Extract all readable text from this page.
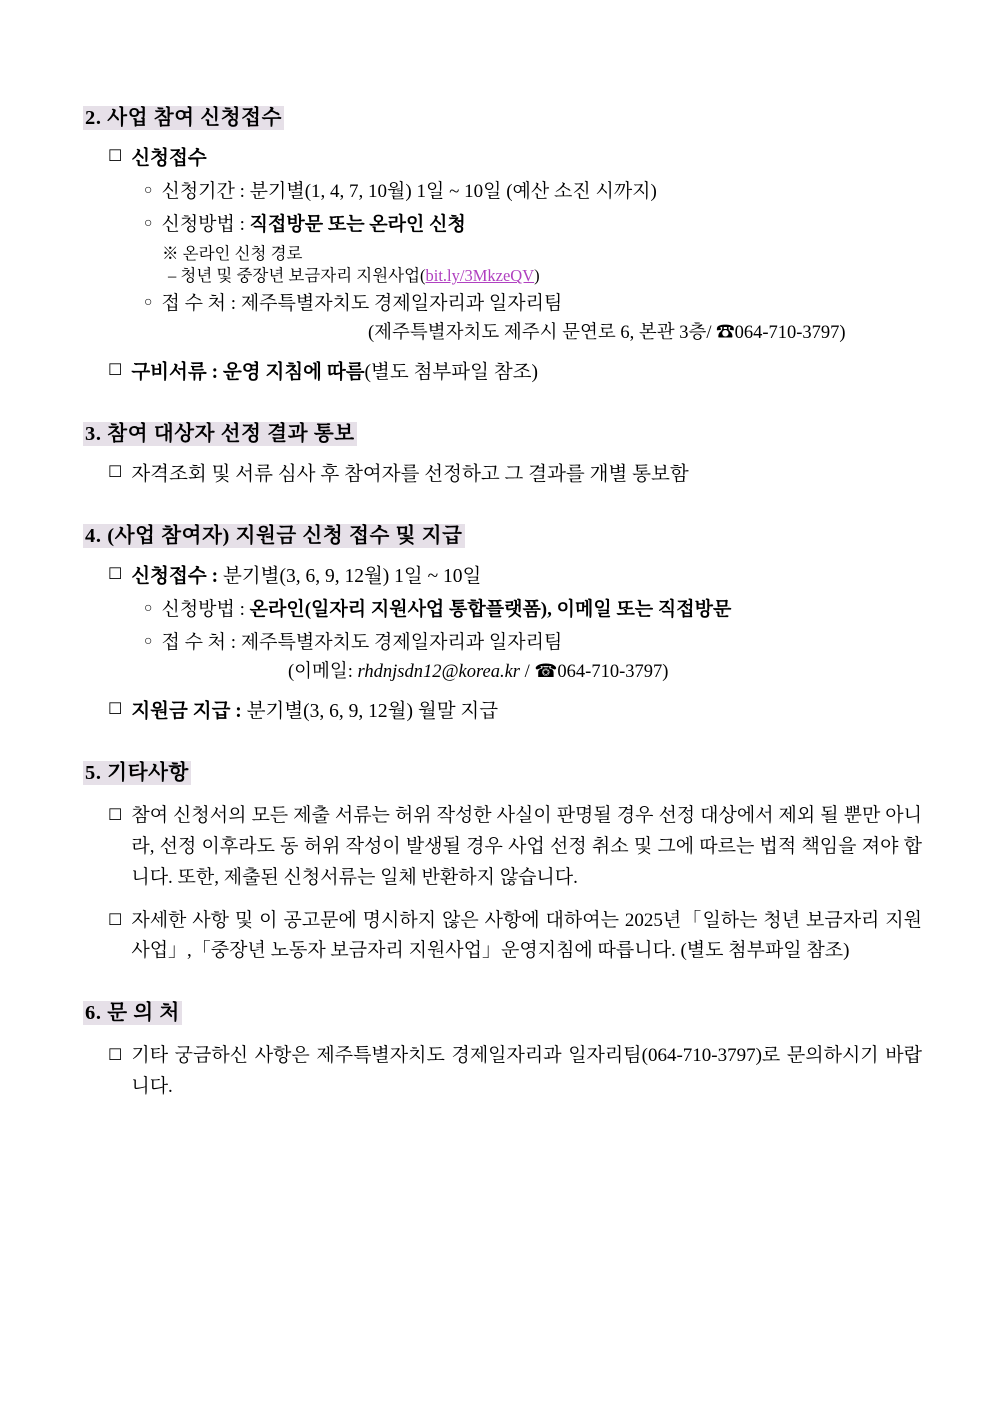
2. 사업 참여 신청접수
☐ 신청접수
○ 신청기간 : 분기별(1, 4, 7, 10월) 1일 ~ 10일 (예산 소진 시까지)
○ 신청방법 : 직접방문 또는 온라인 신청
※ 온라인 신청 경로
– 청년 및 중장년 보금자리 지원사업(bit.ly/3MkzeQV)
○ 접 수 처 : 제주특별자치도 경제일자리과 일자리팀
(제주특별자치도 제주시 문연로 6, 본관 3층/ ☎064-710-3797)
☐ 구비서류 : 운영 지침에 따름(별도 첨부파일 참조)
3. 참여 대상자 선정 결과 통보
☐ 자격조회 및 서류 심사 후 참여자를 선정하고 그 결과를 개별 통보함
4. (사업 참여자) 지원금 신청 접수 및 지급
☐ 신청접수 : 분기별(3, 6, 9, 12월) 1일 ~ 10일
○ 신청방법 : 온라인(일자리 지원사업 통합플랫폼), 이메일 또는 직접방문
○ 접 수 처 : 제주특별자치도 경제일자리과 일자리팀
(이메일: rhdnjsdn12@korea.kr / ☎064-710-3797)
☐ 지원금 지급 : 분기별(3, 6, 9, 12월) 월말 지급
5. 기타사항
☐ 참여 신청서의 모든 제출 서류는 허위 작성한 사실이 판명될 경우 선정 대상에서 제외 될 뿐만 아니라, 선정 이후라도 동 허위 작성이 발생될 경우 사업 선정 취소 및 그에 따르는 법적 책임을 져야 합니다. 또한, 제출된 신청서류는 일체 반환하지 않습니다.
☐ 자세한 사항 및 이 공고문에 명시하지 않은 사항에 대하여는 2025년「일하는 청년 보금자리 지원사업」,「중장년 노동자 보금자리 지원사업」운영지침에 따릅니다. (별도 첨부파일 참조)
6. 문 의 처
☐ 기타 궁금하신 사항은 제주특별자치도 경제일자리과 일자리팀(064-710-3797)로 문의하시기 바랍니다.
